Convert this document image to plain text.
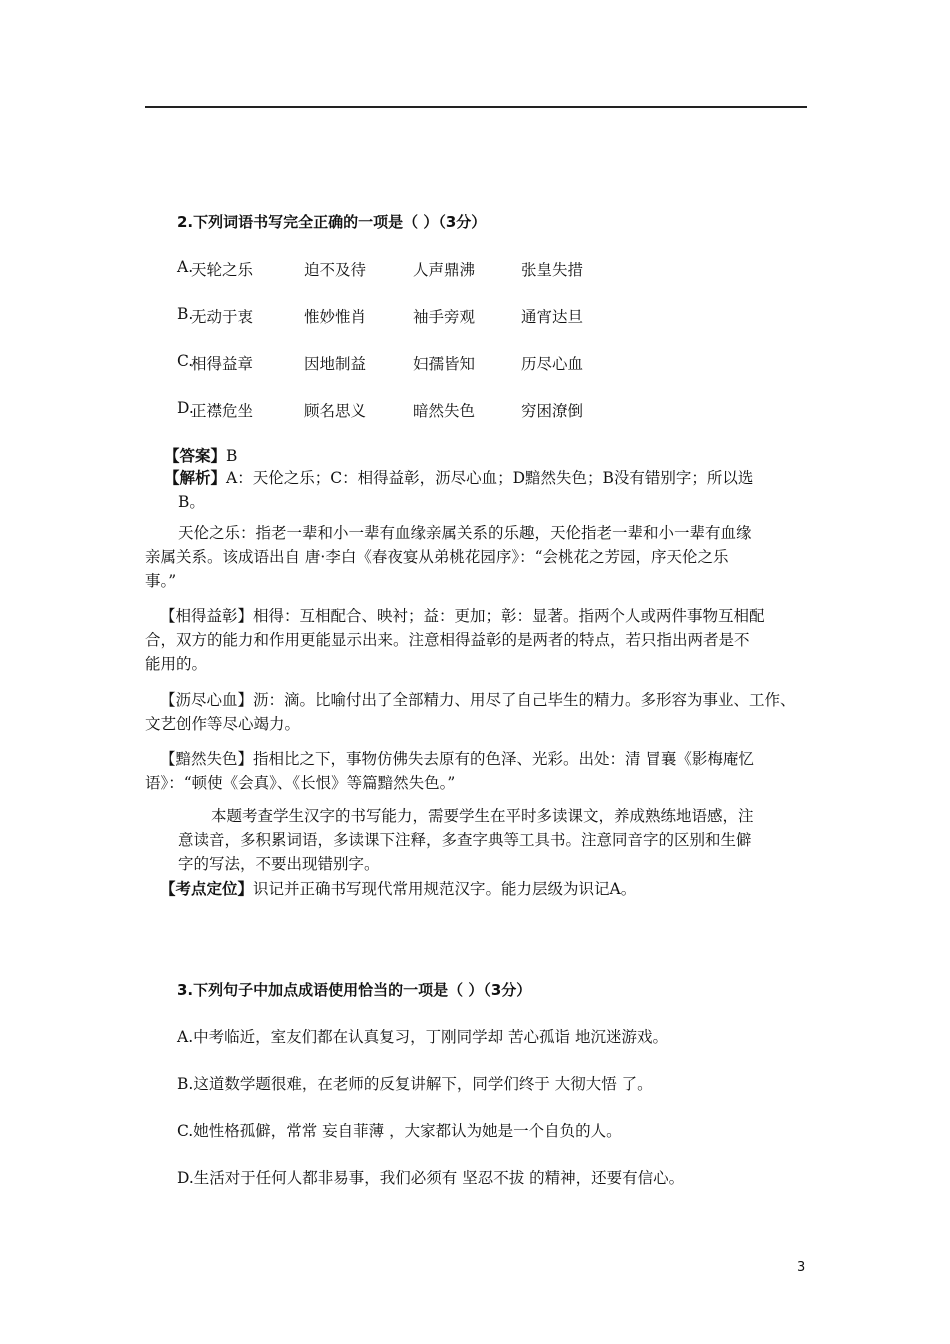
2.下列词语书写完全正确的一项是（ ）（3分）
A.
天轮之乐	迫不及待	人声鼎沸	张皇失措
B.
无动于衷	惟妙惟肖	袖手旁观	通宵达旦
C.
相得益章	因地制益	妇孺皆知	历尽心血
D.
正襟危坐	顾名思义	暗然失色	穷困潦倒
【答案】B
【解析】A：天伦之乐；C：相得益彰，沥尽心血；D黯然失色；B没有错别字；所以选
B。
天伦之乐：指老一辈和小一辈有血缘亲属关系的乐趣，天伦指老一辈和小一辈有血缘
亲属关系。该成语出自 唐·李白《春夜宴从弟桃花园序》：“会桃花之芳园，序天伦之乐
事。”
【相得益彰】相得：互相配合、映衬；益：更加；彰：显著。指两个人或两件事物互相配
合，双方的能力和作用更能显示出来。注意相得益彰的是两者的特点，若只指出两者是不
能用的。
【沥尽心血】沥：滴。比喻付出了全部精力、用尽了自己毕生的精力。多形容为事业、工作、
文艺创作等尽心竭力。
【黯然失色】指相比之下，事物仿佛失去原有的色泽、光彩。出处：清 冒襄《影梅庵忆
语》：“顿使《会真》、《长恨》等篇黯然失色。”
本题考查学生汉字的书写能力，需要学生在平时多读课文，养成熟练地语感，注
意读音，多积累词语，多读课下注释，多查字典等工具书。注意同音字的区别和生僻
字的写法，不要出现错别字。
【考点定位】识记并正确书写现代常用规范汉字。能力层级为识记A。
3.下列句子中加点成语使用恰当的一项是（ ）（3分）
A.中考临近，室友们都在认真复习，丁刚同学却 苦心孤诣 地沉迷游戏。
B.这道数学题很难，在老师的反复讲解下，同学们终于 大彻大悟 了。
C.她性格孤僻，常常 妄自菲薄 ，大家都认为她是一个自负的人。
D.生活对于任何人都非易事，我们必须有 坚忍不拔 的精神，还要有信心。
3
